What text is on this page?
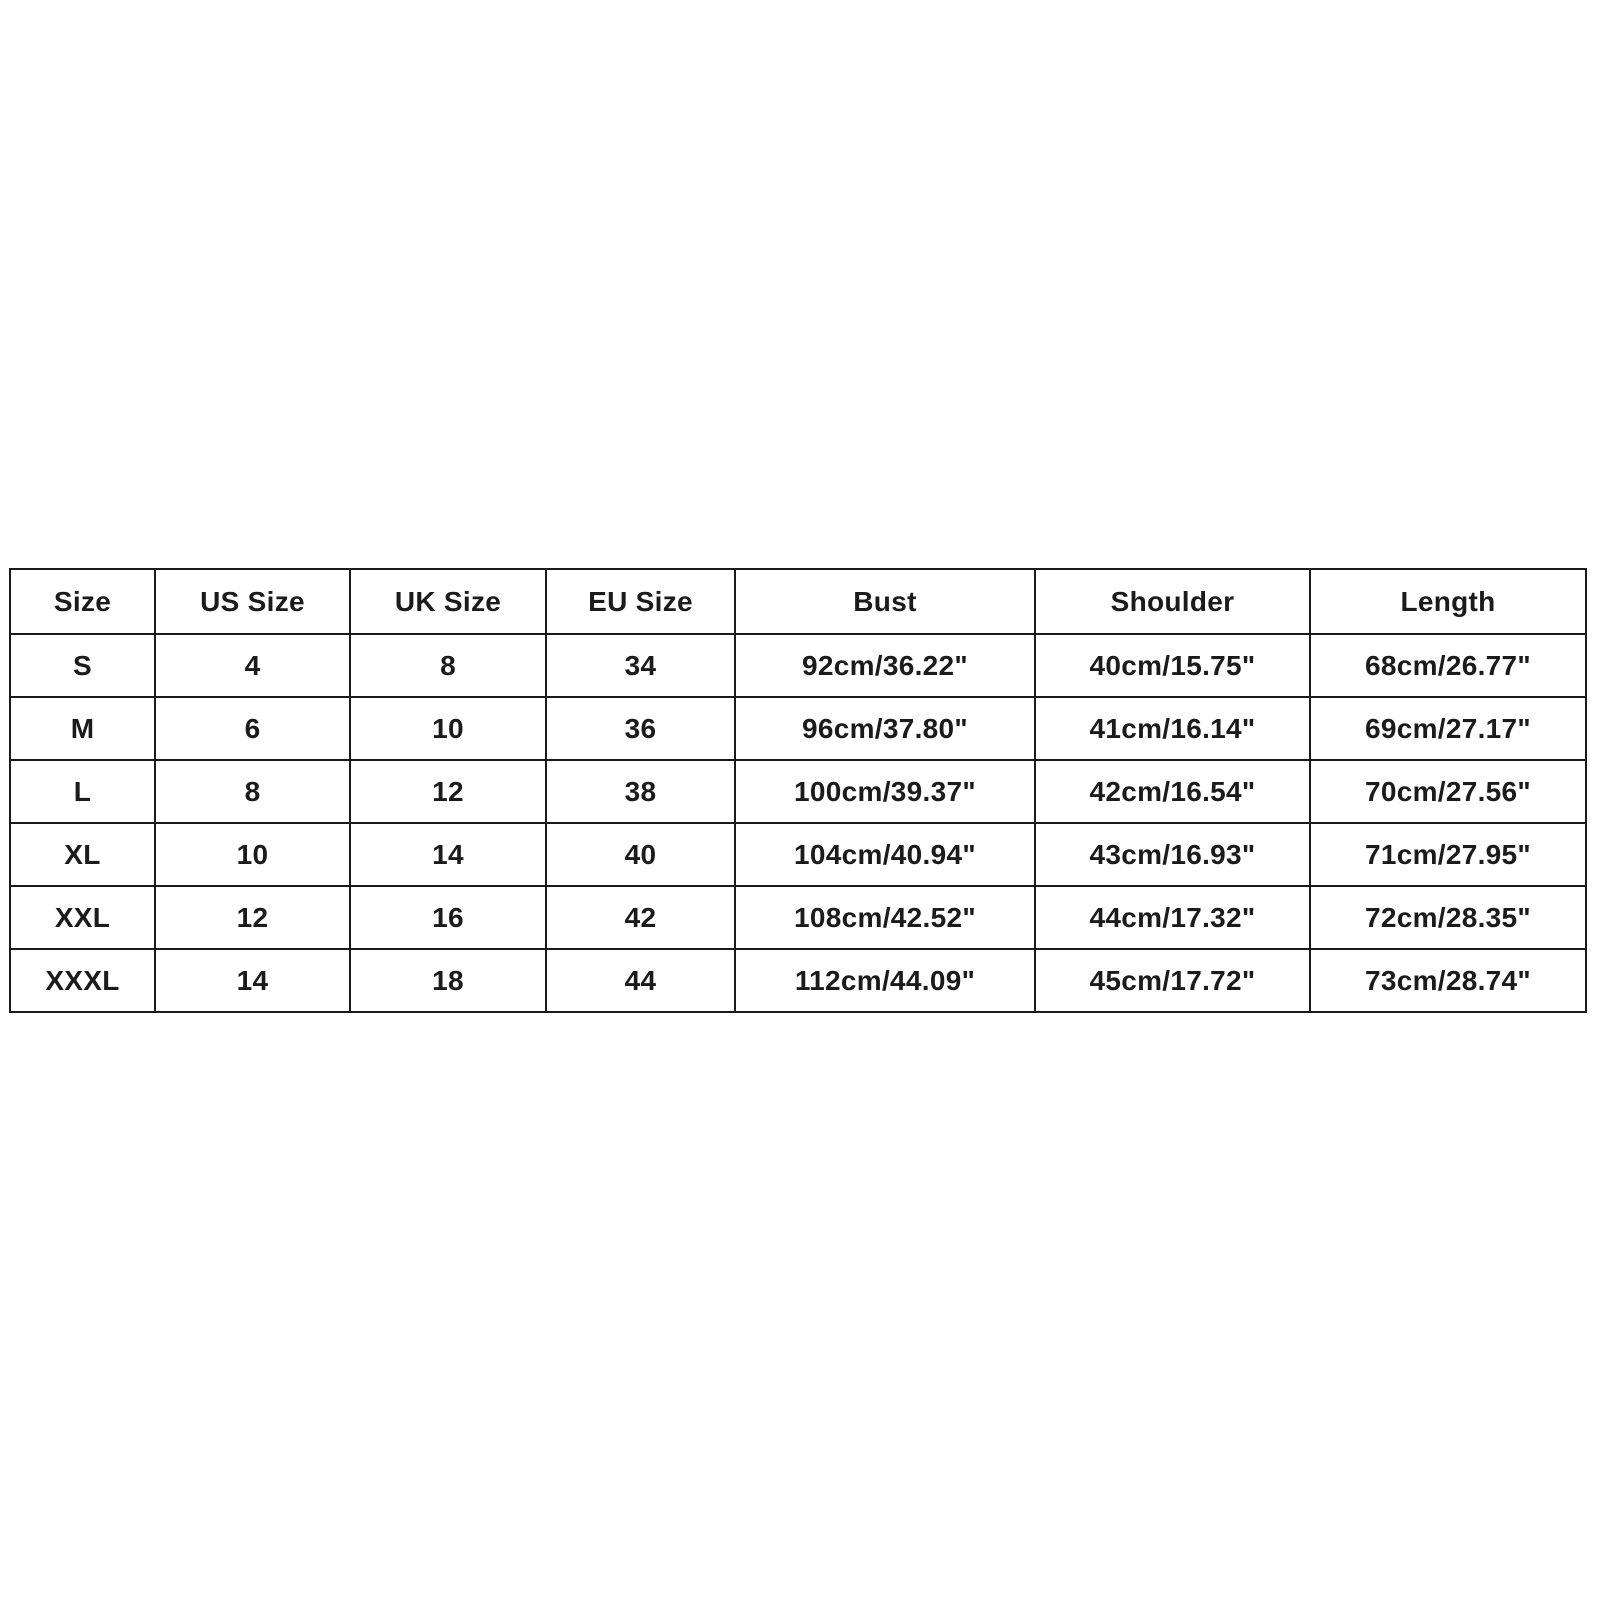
Size	US Size	UK Size	EU Size	Bust	Shoulder	Length
S	4	8	34	92cm/36.22"	40cm/15.75"	68cm/26.77"
M	6	10	36	96cm/37.80"	41cm/16.14"	69cm/27.17"
L	8	12	38	100cm/39.37"	42cm/16.54"	70cm/27.56"
XL	10	14	40	104cm/40.94"	43cm/16.93"	71cm/27.95"
XXL	12	16	42	108cm/42.52"	44cm/17.32"	72cm/28.35"
XXXL	14	18	44	112cm/44.09"	45cm/17.72"	73cm/28.74"
